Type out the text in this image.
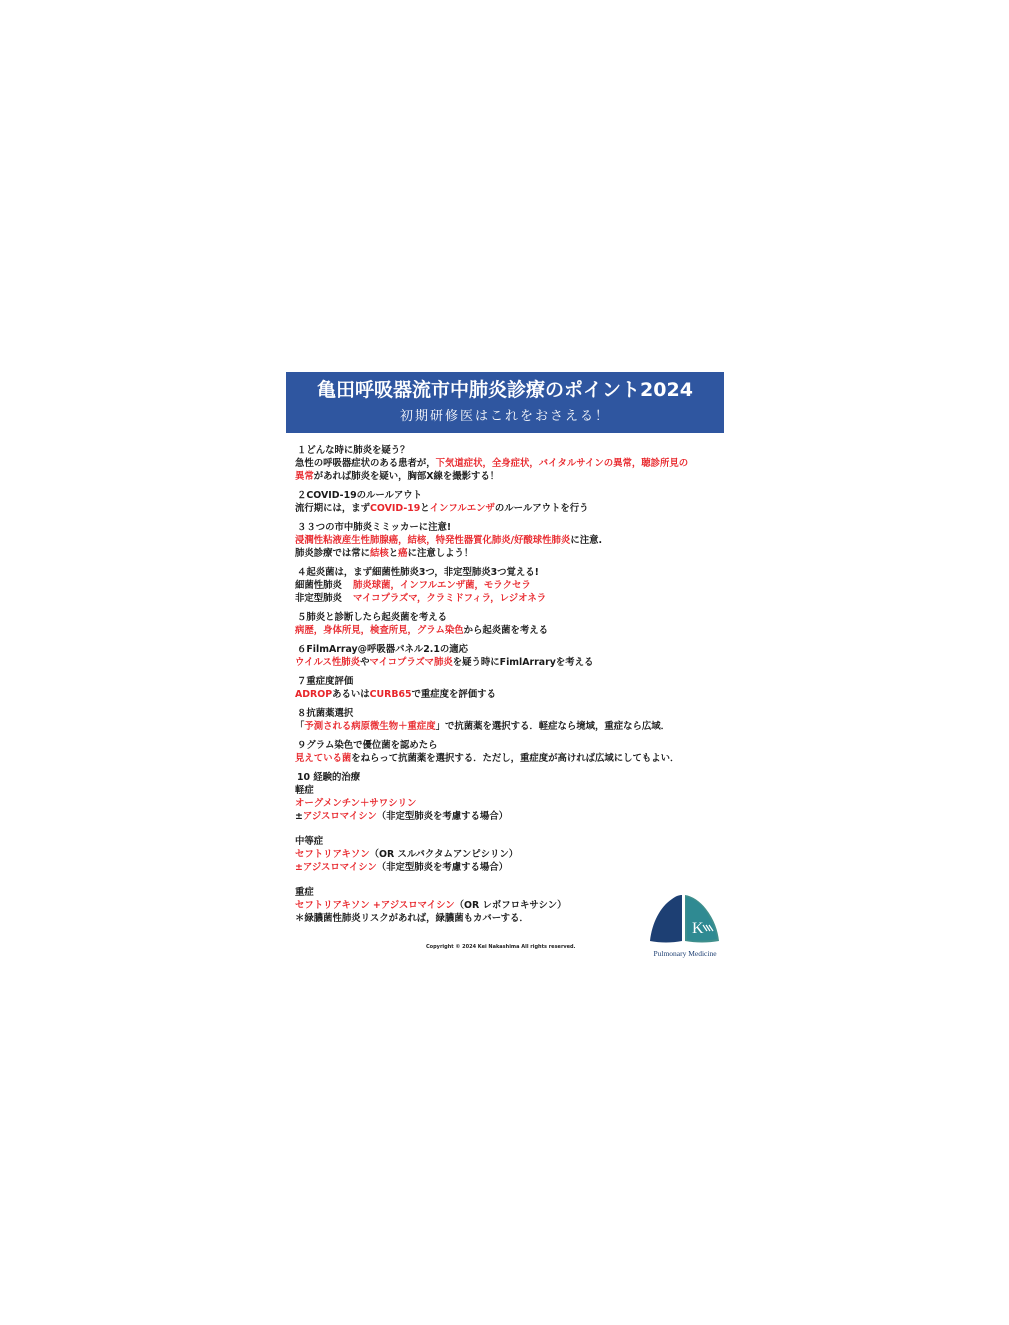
亀田呼吸器流市中肺炎診療のポイント2024
初期研修医はこれをおさえる！
１どんな時に肺炎を疑う？
急性の呼吸器症状のある患者が，下気道症状，全身症状，バイタルサインの異常，聴診所見の
異常があれば肺炎を疑い，胸部X線を撮影する！
２COVID-19のルールアウト
流行期には，まずCOVID-19とインフルエンザのルールアウトを行う
３３つの市中肺炎ミミッカーに注意!
浸潤性粘液産生性肺腺癌，結核，特発性器質化肺炎/好酸球性肺炎に注意.
肺炎診療では常に結核と癌に注意しよう！
４起炎菌は，まず細菌性肺炎3つ，非定型肺炎3つ覚える!
細菌性肺炎 肺炎球菌，インフルエンザ菌，モラクセラ
非定型肺炎 マイコプラズマ，クラミドフィラ，レジオネラ
５肺炎と診断したら起炎菌を考える
病歴，身体所見，検査所見，グラム染色から起炎菌を考える
６FilmArray@呼吸器パネル2.1の適応
ウイルス性肺炎やマイコプラズマ肺炎を疑う時にFimlArraryを考える
７重症度評価
ADROPあるいはCURB65で重症度を評価する
８抗菌薬選択
「予測される病原微生物＋重症度」で抗菌薬を選択する．軽症なら境域，重症なら広域．
９グラム染色で優位菌を認めたら
見えている菌をねらって抗菌薬を選択する．ただし，重症度が高ければ広域にしてもよい．
10 経験的治療
軽症
オーグメンチン＋サワシリン
±アジスロマイシン（非定型肺炎を考慮する場合）
中等症
セフトリアキソン（OR スルバクタムアンピシリン）
±アジスロマイシン（非定型肺炎を考慮する場合）
重症
セフトリアキソン +アジスロマイシン（OR レボフロキサシン）
＊緑膿菌性肺炎リスクがあれば，緑膿菌もカバーする．
Copyright © 2024 Kei Nakashima All rights reserved.
K
Pulmonary Medicine
